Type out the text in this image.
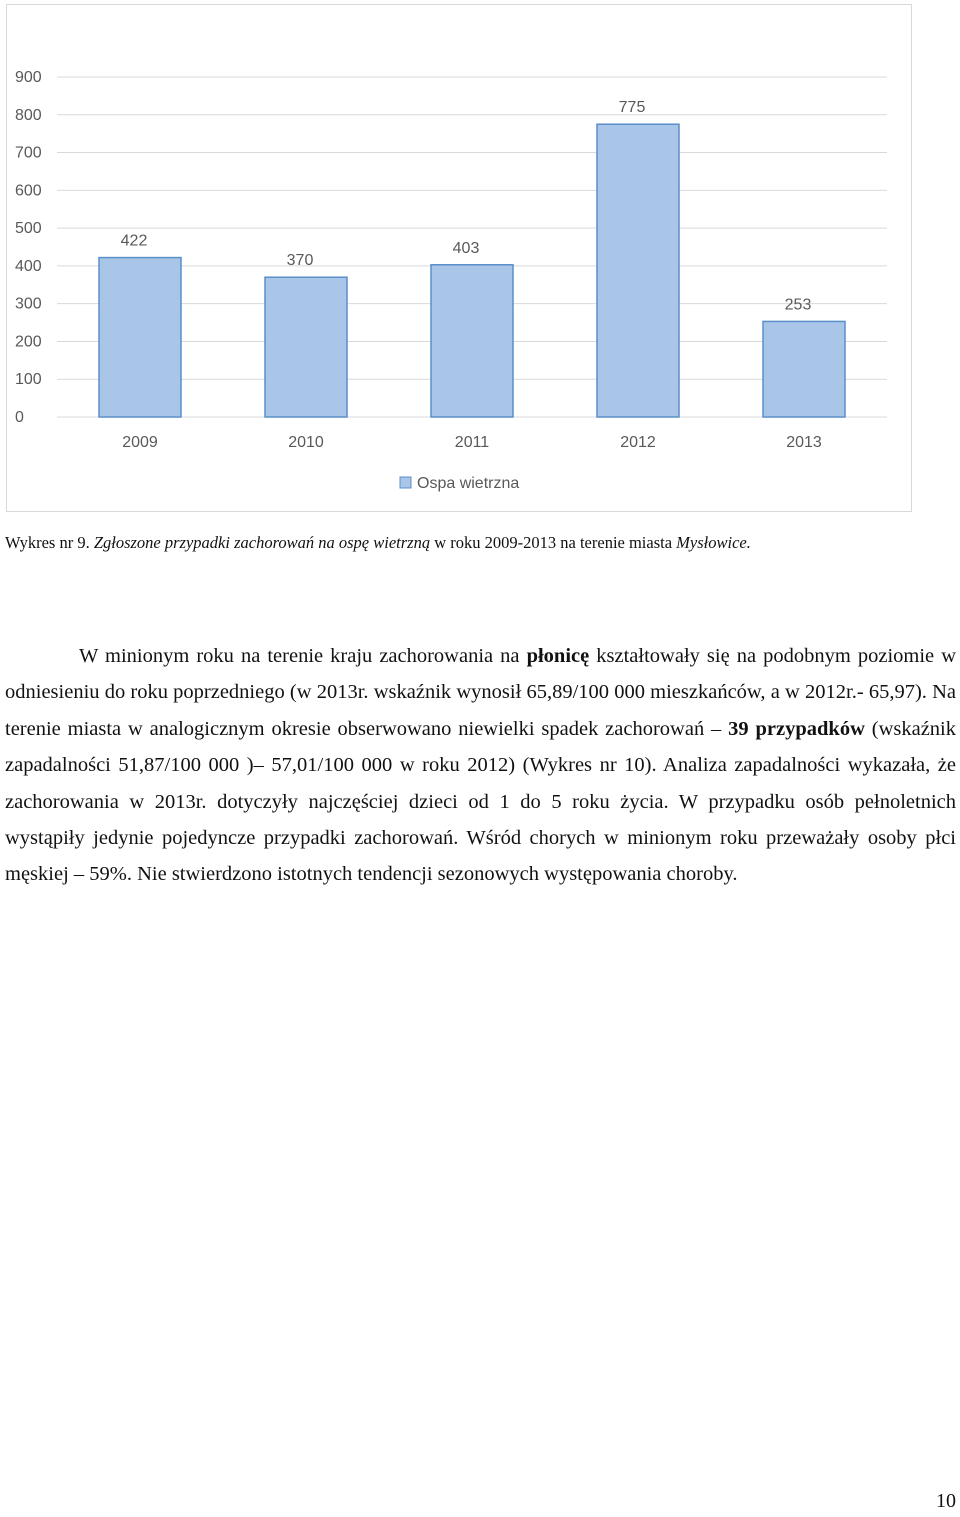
0
100
200
300
400
500
600
700
800
900
422
2009
370
2010
403
2011
775
2012
253
2013
Ospa wietrzna
Wykres nr 9. Zgłoszone przypadki zachorowań na ospę wietrzną w roku 2009-2013 na terenie miasta Mysłowice.

W minionym roku na terenie kraju zachorowania na płonicę kształtowały się na podobnym poziomie w odniesieniu do roku poprzedniego (w 2013r. wskaźnik wynosił 65,89/100 000 mieszkańców, a w 2012r.- 65,97). Na terenie miasta w analogicznym okresie obserwowano niewielki spadek zachorowań – 39 przypadków (wskaźnik zapadalności 51,87/100 000 )– 57,01/100 000 w roku 2012) (Wykres nr 10). Analiza zapadalności wykazała, że zachorowania w 2013r. dotyczyły najczęściej dzieci od 1 do 5 roku życia. W przypadku osób pełnoletnich wystąpiły jedynie pojedyncze przypadki zachorowań. Wśród chorych w minionym roku przeważały osoby płci męskiej – 59%. Nie stwierdzono istotnych tendencji sezonowych występowania choroby.

10
